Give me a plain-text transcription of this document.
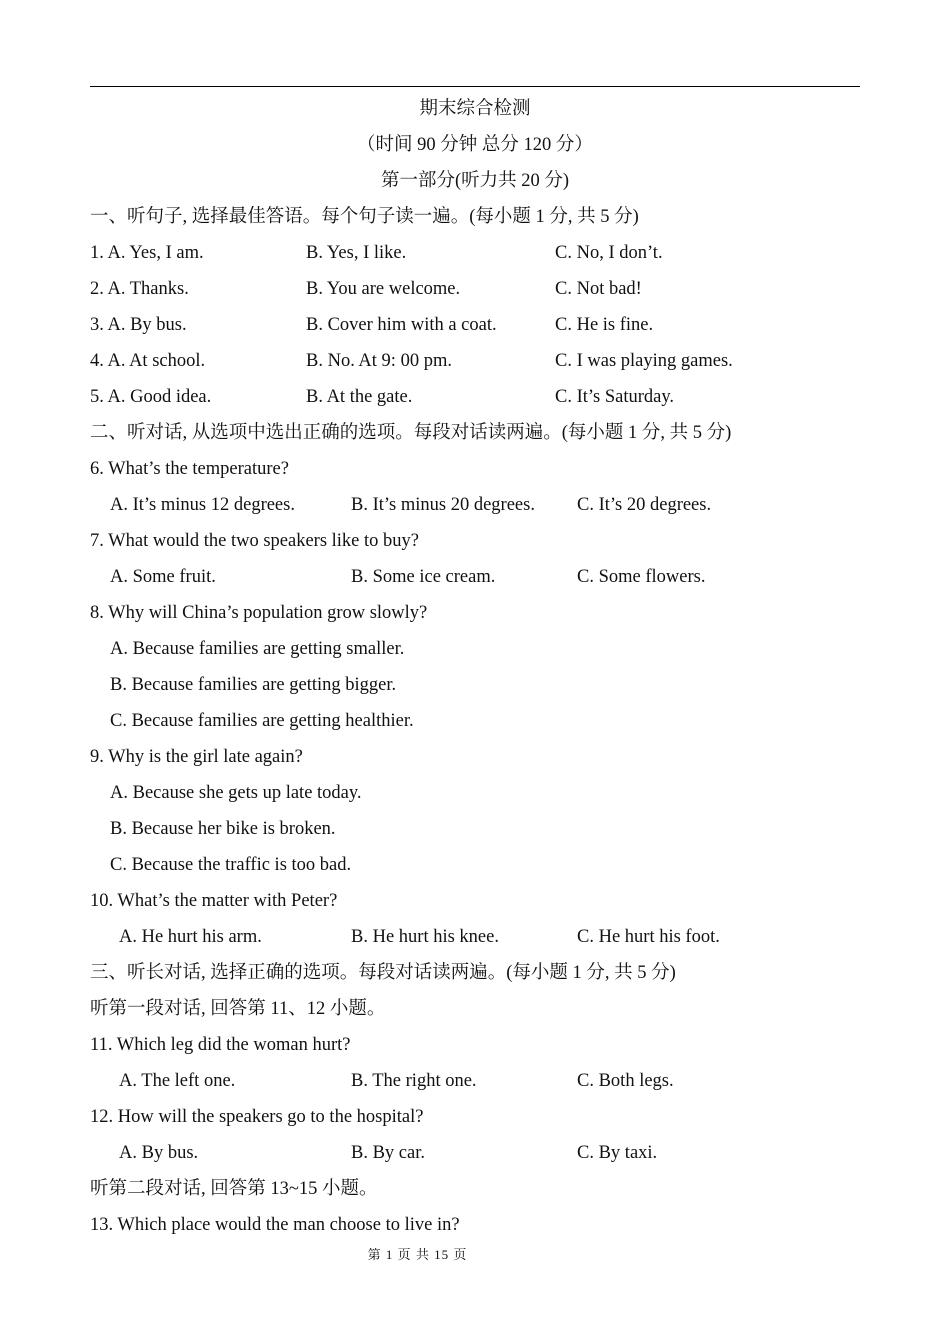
期末综合检测
（时间 90 分钟 总分 120 分）
第一部分(听力共 20 分)
一、听句子, 选择最佳答语。每个句子读一遍。(每小题 1 分, 共 5 分)
1. A. Yes, I am.	B. Yes, I like.	C. No, I don’t.
2. A. Thanks.	B. You are welcome.	C. Not bad!
3. A. By bus.	B. Cover him with a coat.	C. He is fine.
4. A. At school.	B. No. At 9: 00 pm.	C. I was playing games.
5. A. Good idea.	B. At the gate.	C. It’s Saturday.
二、听对话, 从选项中选出正确的选项。每段对话读两遍。(每小题 1 分, 共 5 分)
6. What’s the temperature?
A. It’s minus 12 degrees.	B. It’s minus 20 degrees. C. It’s 20 degrees.
7. What would the two speakers like to buy?
A. Some fruit.	B. Some ice cream.	C. Some flowers.
8. Why will China’s population grow slowly?
A. Because families are getting smaller.
B. Because families are getting bigger.
C. Because families are getting healthier.
9. Why is the girl late again?
A. Because she gets up late today.
B. Because her bike is broken.
C. Because the traffic is too bad.
10. What’s the matter with Peter?
A. He hurt his arm.	B. He hurt his knee.	C. He hurt his foot.
三、听长对话, 选择正确的选项。每段对话读两遍。(每小题 1 分, 共 5 分)
听第一段对话, 回答第 11、12 小题。
11. Which leg did the woman hurt?
A. The left one.	B. The right one.	C. Both legs.
12. How will the speakers go to the hospital?
A. By bus.	B. By car.	C. By taxi.
听第二段对话, 回答第 13~15 小题。
13. Which place would the man choose to live in?
第 1 页 共 15 页
